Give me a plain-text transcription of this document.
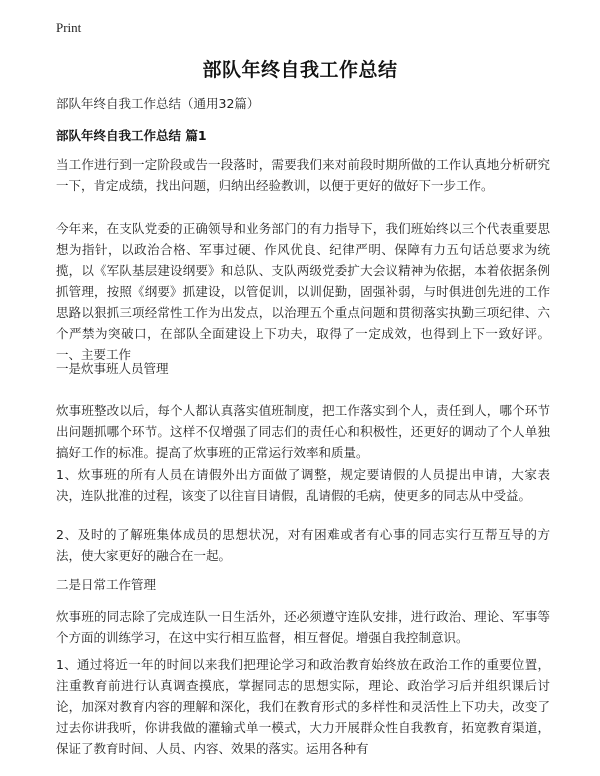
Print
部队年终自我工作总结
部队年终自我工作总结（通用32篇）
部队年终自我工作总结 篇1
当工作进行到一定阶段或告一段落时，需要我们来对前段时期所做的工作认真地分析研究一下，肯定成绩，找出问题，归纳出经验教训，以便于更好的做好下一步工作。
今年来，在支队党委的正确领导和业务部门的有力指导下，我们班始终以三个代表重要思想为指针，以政治合格、军事过硬、作风优良、纪律严明、保障有力五句话总要求为统揽，以《军队基层建设纲要》和总队、支队两级党委扩大会议精神为依据，本着依据条例抓管理，按照《纲要》抓建设，以管促训，以训促勤，固强补弱，与时俱进创先进的工作思路以狠抓三项经常性工作为出发点，以治理五个重点问题和贯彻落实执勤三项纪律、六个严禁为突破口，在部队全面建设上下功夫，取得了一定成效，也得到上下一致好评。一、主要工作
一是炊事班人员管理
炊事班整改以后，每个人都认真落实值班制度，把工作落实到个人，责任到人，哪个环节出问题抓哪个环节。这样不仅增强了同志们的责任心和积极性，还更好的调动了个人单独搞好工作的标准。提高了炊事班的正常运行效率和质量。
1、炊事班的所有人员在请假外出方面做了调整，规定要请假的人员提出申请，大家表决，连队批准的过程，该变了以往盲目请假，乱请假的毛病，使更多的同志从中受益。
2、及时的了解班集体成员的思想状况，对有困难或者有心事的同志实行互帮互导的方法，使大家更好的融合在一起。
二是日常工作管理
炊事班的同志除了完成连队一日生活外，还必须遵守连队安排，进行政治、理论、军事等个方面的训练学习，在这中实行相互监督，相互督促。增强自我控制意识。
1、通过将近一年的时间以来我们把理论学习和政治教育始终放在政治工作的重要位置，注重教育前进行认真调查摸底，掌握同志的思想实际，理论、政治学习后并组织课后讨论，加深对教育内容的理解和深化，我们在教育形式的多样性和灵活性上下功夫，改变了过去你讲我听，你讲我做的灌输式单一模式，大力开展群众性自我教育，拓宽教育渠道，保证了教育时间、人员、内容、效果的落实。运用各种有
